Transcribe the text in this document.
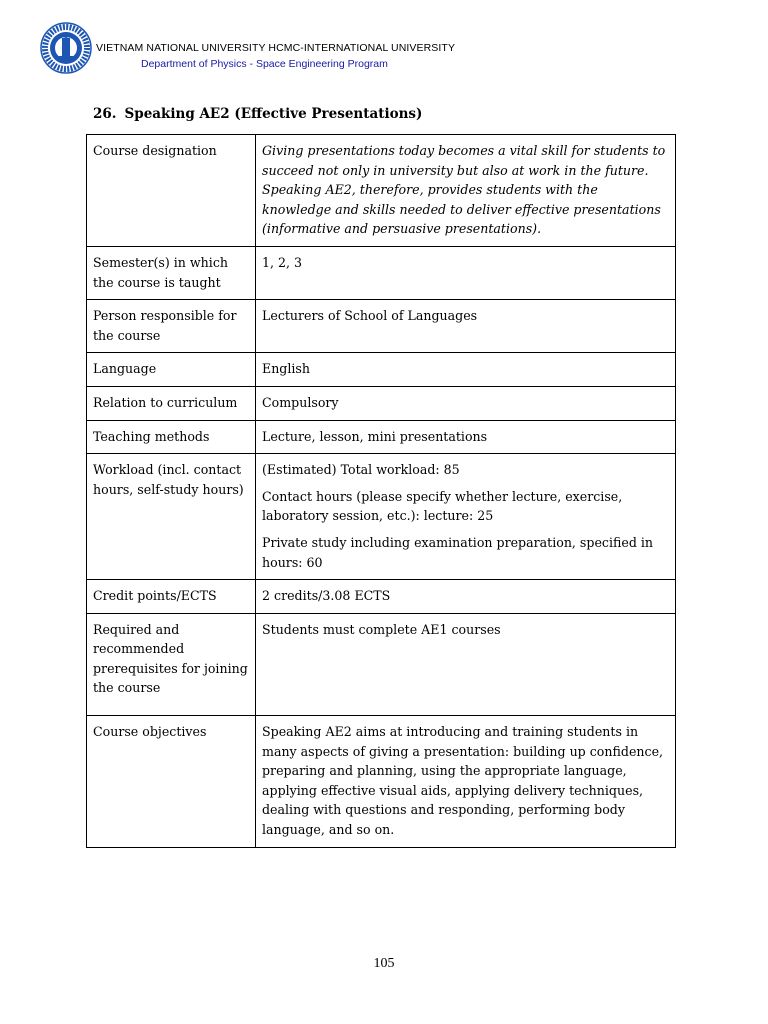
VIETNAM NATIONAL UNIVERSITY HCMC-INTERNATIONAL UNIVERSITY
Department of Physics - Space Engineering Program
26. Speaking AE2 (Effective Presentations)
Course designation	Giving presentations today becomes a vital skill for students to succeed not only in university but also at work in the future. Speaking AE2, therefore, provides students with the knowledge and skills needed to deliver effective presentations (informative and persuasive presentations).

Semester(s) in which the course is taught	1, 2, 3

Person responsible for the course	Lecturers of School of Languages

Language	English

Relation to curriculum	Compulsory

Teaching methods	Lecture, lesson, mini presentations

Workload (incl. contact hours, self-study hours)	(Estimated) Total workload: 85

Contact hours (please specify whether lecture, exercise, laboratory session, etc.): lecture: 25

Private study including examination preparation, specified in hours: 60

Credit points/ECTS	2 credits/3.08 ECTS

Required and recommended prerequisites for joining the course	Students must complete AE1 courses

Course objectives	Speaking AE2 aims at introducing and training students in many aspects of giving a presentation: building up confidence, preparing and planning, using the appropriate language, applying effective visual aids, applying delivery techniques, dealing with questions and responding, performing body language, and so on.

105
